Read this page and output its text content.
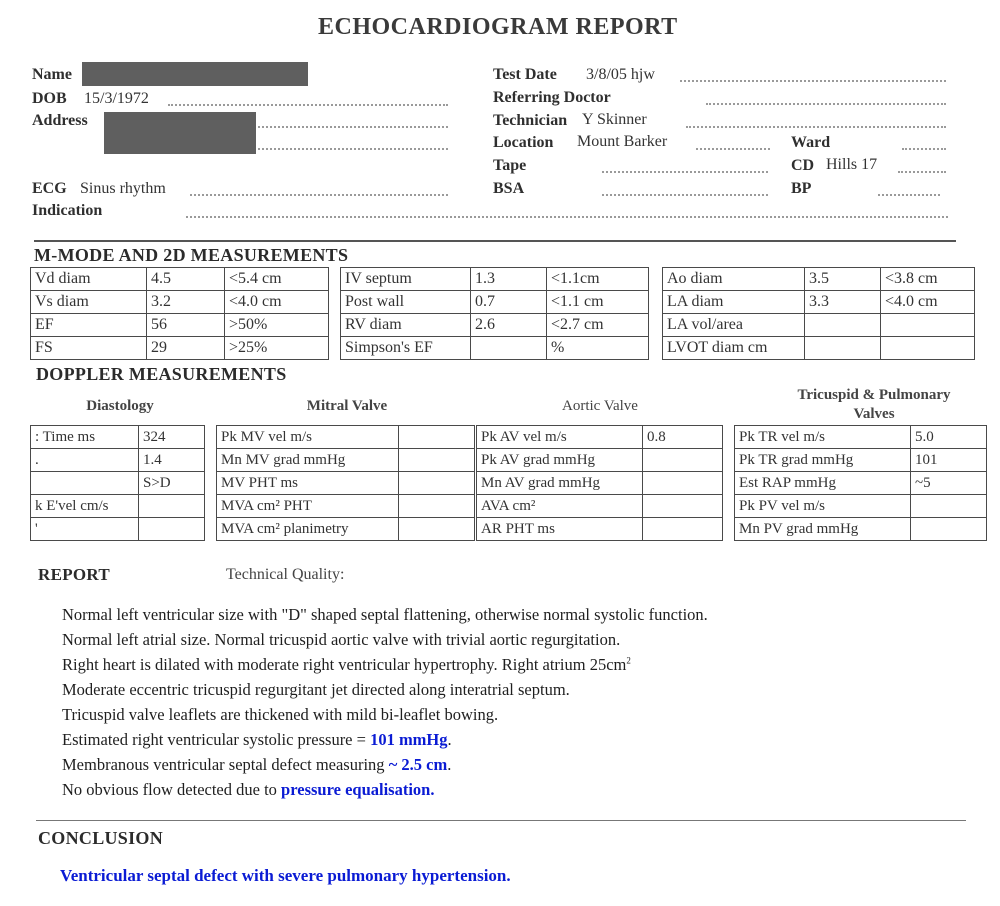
ECHOCARDIOGRAM REPORT
Name
DOB 15/3/1972
Address
ECG Sinus rhythm
Indication
Test Date 3/8/05 hjw
Referring Doctor
Technician Y Skinner
Location Mount Barker	Ward
Tape	CD Hills 17
BSA	BP
M-MODE AND 2D MEASUREMENTS
Vd diam	4.5	<5.4 cm
Vs diam	3.2	<4.0 cm
EF	56	>50%
FS	29	>25%
IV septum	1.3	<1.1cm
Post wall	0.7	<1.1 cm
RV diam	2.6	<2.7 cm
Simpson's EF		%
Ao diam	3.5	<3.8 cm
LA diam	3.3	<4.0 cm
LA vol/area		
LVOT diam cm		
DOPPLER MEASUREMENTS
Diastology	Mitral Valve	Aortic Valve
Tricuspid & Pulmonary Valves
: Time ms	324
.	1.4
	S>D
k E'vel cm/s	
'	
Pk MV vel m/s	
Mn MV grad mmHg	
MV PHT ms	
MVA cm² PHT	
MVA cm² planimetry	
Pk AV vel m/s	0.8
Pk AV grad mmHg	
Mn AV grad mmHg	
AVA cm²	
AR PHT ms	
Pk TR vel m/s	5.0
Pk TR grad mmHg	101
Est RAP mmHg	~5
Pk PV vel m/s	
Mn PV grad mmHg	
REPORT	Technical Quality:
Normal left ventricular size with "D" shaped septal flattening, otherwise normal systolic function.
Normal left atrial size. Normal tricuspid aortic valve with trivial aortic regurgitation.
Right heart is dilated with moderate right ventricular hypertrophy. Right atrium $25cm^2$
Moderate eccentric tricuspid regurgitant jet directed along interatrial septum.
Tricuspid valve leaflets are thickened with mild bi-leaflet bowing.
Estimated right ventricular systolic pressure = 101 mmHg.
Membranous ventricular septal defect measuring ~ 2.5 cm.
No obvious flow detected due to pressure equalisation.
CONCLUSION
Ventricular septal defect with severe pulmonary hypertension.
